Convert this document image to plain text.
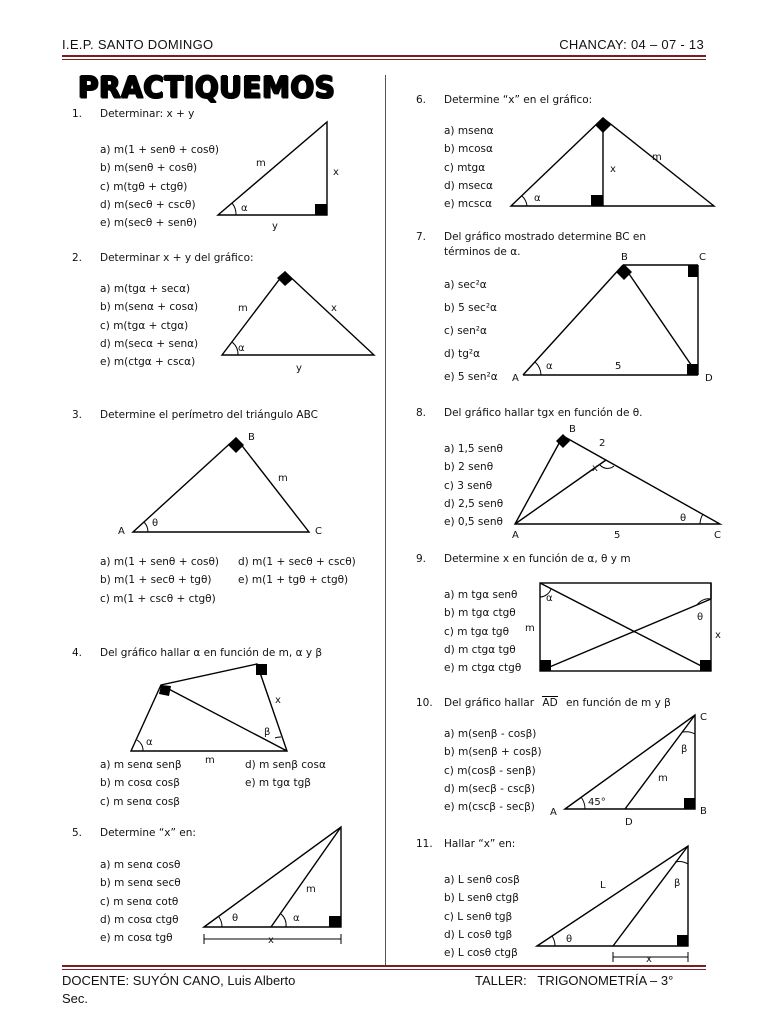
I.E.P. SANTO DOMINGO	CHANCAY: 04 – 07 - 13
PRACTIQUEMOS
1. Determinar: x + y
a) m(1 + senθ + cosθ)
b) m(senθ + cosθ)
c) m(tgθ + ctgθ)
d) m(secθ + cscθ)
e) m(secθ + senθ)
m
x
y
α
2. Determinar x + y del gráfico:
a) m(tgα + secα)
b) m(senα + cosα)
c) m(tgα + ctgα)
d) m(secα + senα)
e) m(ctgα + cscα)
m	x
y
α
3. Determine el perímetro del triángulo ABC
A
B
C
m
θ
a) m(1 + senθ + cosθ)
b) m(1 + secθ + tgθ)
c) m(1 + cscθ + ctgθ)
d) m(1 + secθ + cscθ)
e) m(1 + tgθ + ctgθ)
4. Del gráfico hallar α en función de m, α y β
α
β
x
m
a) m senα senβ
b) m cosα cosβ
c) m senα cosβ
d) m senβ cosα
e) m tgα tgβ
5. Determine “x” en:
a) m senα cosθ
b) m senα secθ
c) m senα cotθ
d) m cosα ctgθ
e) m cosα tgθ
θ	α
m
x
6. Determine “x” en el gráfico:
a) msenα
b) mcosα
c) mtgα
d) msecα
e) mcscα	α
x
m
7. Del gráfico mostrado determine BC en
términos de α.
a) sec²α
b) 5 sec²α
c) sen²α
d) tg²α
e) 5 sen²α A
B	C
D
α	5
8. Del gráfico hallar tgx en función de θ.
a) 1,5 senθ
b) 2 senθ
c) 3 senθ
d) 2,5 senθ
e) 0,5 senθ
A
B
C
2
x
θ
5
9. Determine x en función de α, θ y m
a) m tgα senθ
b) m tgα ctgθ
c) m tgα tgθ
d) m ctgα tgθ
e) m ctgα ctgθ
α
θ
m
x
10. Del gráfico hallar AD en función de m y β
a) m(senβ - cosβ)
b) m(senβ + cosβ)
c) m(cosβ - senβ)
d) m(secβ - cscβ)
e) m(cscβ - secβ)	A	B
C
D
45°
β
m
11. Hallar “x” en:
a) L senθ cosβ
b) L senθ ctgβ
c) L senθ tgβ
d) L cosθ tgβ
e) L cosθ ctgβ
L
θ
β
x
DOCENTE: SUYÓN CANO, Luis Alberto	TALLER:   TRIGONOMETRÍA – 3°
Sec.
